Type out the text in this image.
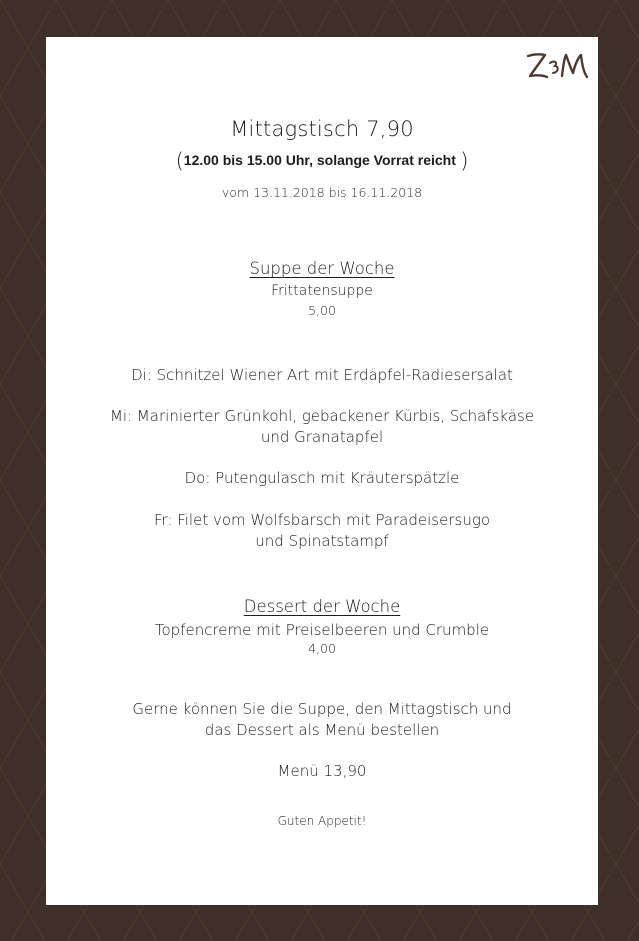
Mittagstisch 7,90
(12.00 bis 15.00 Uhr, solange Vorrat reicht )
vom 13.11.2018 bis 16.11.2018
Suppe der Woche
Frittatensuppe
5,00
Di: Schnitzel Wiener Art mit Erdäpfel-Radiesersalat
Mi: Marinierter Grünkohl, gebackener Kürbis, Schafskäse
und Granatapfel
Do: Putengulasch mit Kräuterspätzle
Fr: Filet vom Wolfsbarsch mit Paradeisersugo
und Spinatstampf
Dessert der Woche
Topfencreme mit Preiselbeeren und Crumble
4,00
Gerne können Sie die Suppe, den Mittagstisch und
das Dessert als Menü bestellen
Menü 13,90
Guten Appetit!
